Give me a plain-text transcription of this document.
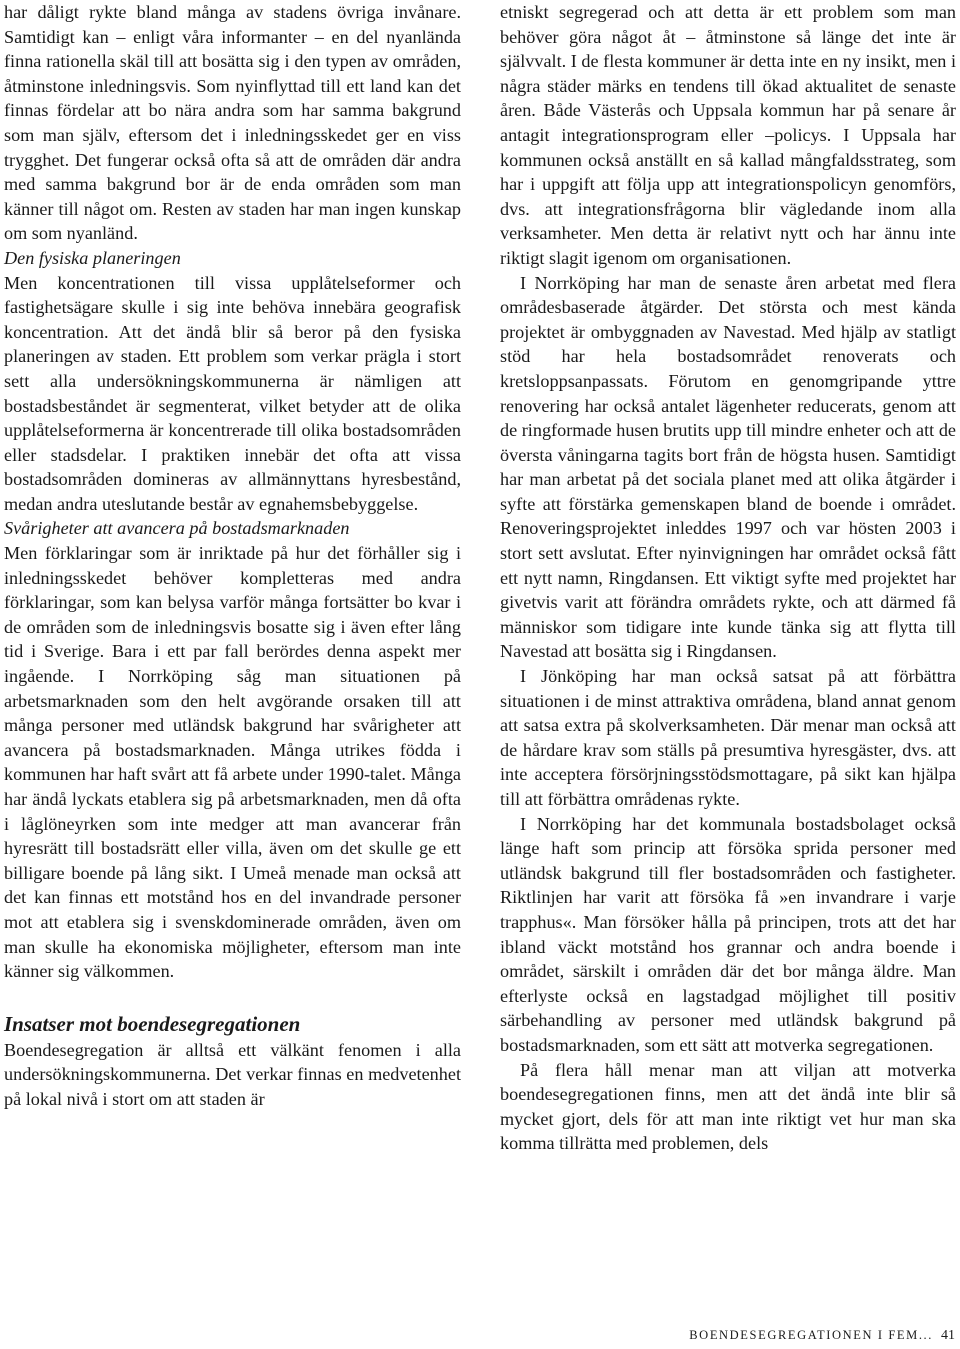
har dåligt rykte bland många av stadens övriga invånare. Samtidigt kan – enligt våra informanter – en del nyanlända finna rationella skäl till att bosätta sig i den typen av områden, åtminstone inledningsvis. Som nyinflyttad till ett land kan det finnas fördelar att bo nära andra som har samma bakgrund som man själv, eftersom det i inledningsskedet ger en viss trygghet. Det fungerar också ofta så att de områden där andra med samma bakgrund bor är de enda områden som man känner till något om. Resten av staden har man ingen kunskap om som nyanländ.

Den fysiska planeringen

Men koncentrationen till vissa upplåtelseformer och fastighetsägare skulle i sig inte behöva innebära geografisk koncentration. Att det ändå blir så beror på den fysiska planeringen av staden. Ett problem som verkar prägla i stort sett alla undersökningskommunerna är nämligen att bostadsbeståndet är segmenterat, vilket betyder att de olika upplåtelseformerna är koncentrerade till olika bostadsområden eller stadsdelar. I praktiken innebär det ofta att vissa bostadsområden domineras av allmännyttans hyresbestånd, medan andra uteslutande består av egnahemsbebyggelse.

Svårigheter att avancera på bostadsmarknaden

Men förklaringar som är inriktade på hur det förhåller sig i inledningsskedet behöver kompletteras med andra förklaringar, som kan belysa varför många fortsätter bo kvar i de områden som de inledningsvis bosatte sig i även efter lång tid i Sverige. Bara i ett par fall berördes denna aspekt mer ingående. I Norrköping såg man situationen på arbetsmarknaden som den helt avgörande orsaken till att många personer med utländsk bakgrund har svårigheter att avancera på bostadsmarknaden. Många utrikes födda i kommunen har haft svårt att få arbete under 1990-talet. Många har ändå lyckats etablera sig på arbetsmarknaden, men då ofta i låglöneyrken som inte medger att man avancerar från hyresrätt till bostadsrätt eller villa, även om det skulle ge ett billigare boende på lång sikt. I Umeå menade man också att det kan finnas ett motstånd hos en del invandrade personer mot att etablera sig i svenskdominerade områden, även om man skulle ha ekonomiska möjligheter, eftersom man inte känner sig välkommen.

Insatser mot boendesegregationen

Boendesegregation är alltså ett välkänt fenomen i alla undersökningskommunerna. Det verkar finnas en medvetenhet på lokal nivå i stort om att staden är

etniskt segregerad och att detta är ett problem som man behöver göra något åt – åtminstone så länge det inte är självvalt. I de flesta kommuner är detta inte en ny insikt, men i några städer märks en tendens till ökad aktualitet de senaste åren. Både Västerås och Uppsala kommun har på senare år antagit integrationsprogram eller –policys. I Uppsala har kommunen också anställt en så kallad mångfaldsstrateg, som har i uppgift att följa upp att integrationspolicyn genomförs, dvs. att integrationsfrågorna blir vägledande inom alla verksamheter. Men detta är relativt nytt och har ännu inte riktigt slagit igenom om organisationen.

I Norrköping har man de senaste åren arbetat med flera områdesbaserade åtgärder. Det största och mest kända projektet är ombyggnaden av Navestad. Med hjälp av statligt stöd har hela bostadsområdet renoverats och kretsloppsanpassats. Förutom en genomgripande yttre renovering har också antalet lägenheter reducerats, genom att de ringformade husen brutits upp till mindre enheter och att de översta våningarna tagits bort från de högsta husen. Samtidigt har man arbetat på det sociala planet med att olika åtgärder i syfte att förstärka gemenskapen bland de boende i området. Renoveringsprojektet inleddes 1997 och var hösten 2003 i stort sett avslutat. Efter nyinvigningen har området också fått ett nytt namn, Ringdansen. Ett viktigt syfte med projektet har givetvis varit att förändra områdets rykte, och att därmed få människor som tidigare inte kunde tänka sig att flytta till Navestad att bosätta sig i Ringdansen.

I Jönköping har man också satsat på att förbättra situationen i de minst attraktiva områdena, bland annat genom att satsa extra på skolverksamheten. Där menar man också att de hårdare krav som ställs på presumtiva hyresgäster, dvs. att inte acceptera försörjningsstödsmottagare, på sikt kan hjälpa till att förbättra områdenas rykte.

I Norrköping har det kommunala bostadsbolaget också länge haft som princip att försöka sprida personer med utländsk bakgrund till fler bostadsområden och fastigheter. Riktlinjen har varit att försöka få »en invandrare i varje trapphus«. Man försöker hålla på principen, trots att det har ibland väckt motstånd hos grannar och andra boende i området, särskilt i områden där det bor många äldre. Man efterlyste också en lagstadgad möjlighet till positiv särbehandling av personer med utländsk bakgrund på bostadsmarknaden, som ett sätt att motverka segregationen.

På flera håll menar man att viljan att motverka boendesegregationen finns, men att det ändå inte blir så mycket gjort, dels för att man inte riktigt vet hur man ska komma tillrätta med problemen, dels

BOENDESEGREGATIONEN I FEM... 41
